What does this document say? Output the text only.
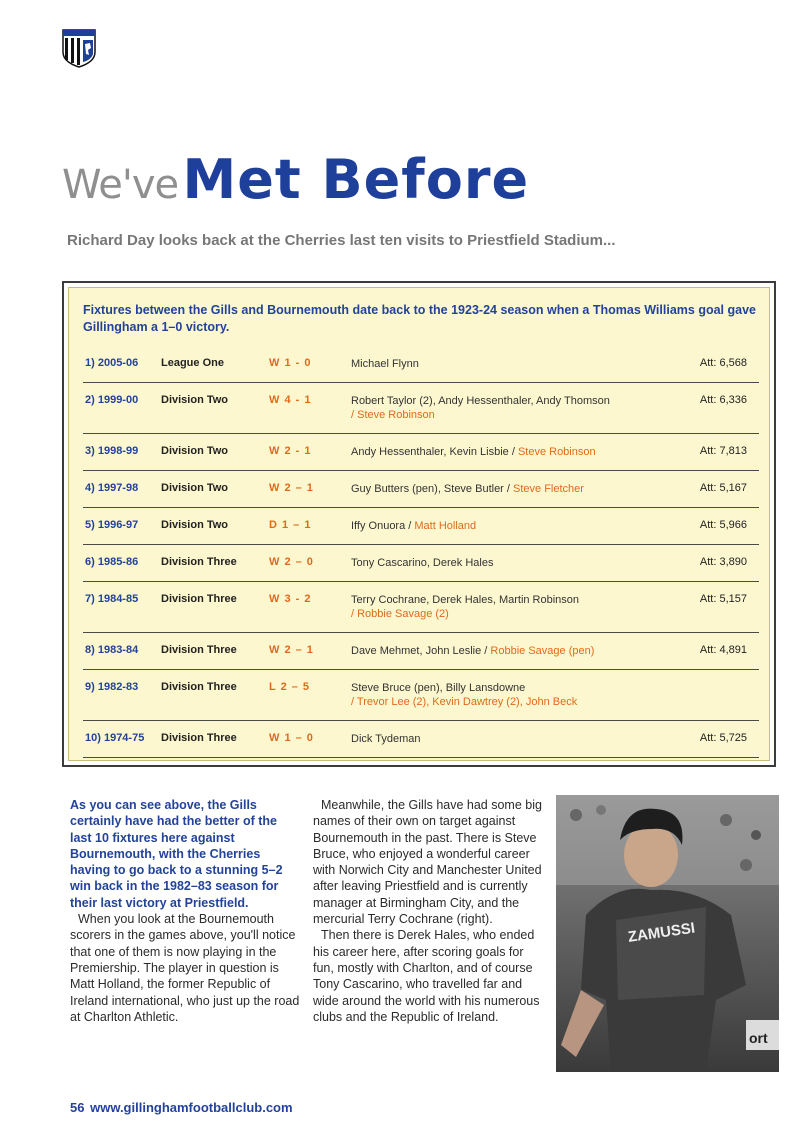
We've Met Before
Richard Day looks back at the Cherries last ten visits to Priestfield Stadium...
Fixtures between the Gills and Bournemouth date back to the 1923-24 season when a Thomas Williams goal gave Gillingham a 1–0 victory.
1) 2005-06 League One	W 1 - 0	Michael Flynn	Att: 6,568
2) 1999-00 Division Two	W 4 - 1	Robert Taylor (2), Andy Hessenthaler, Andy Thomson
/ Steve Robinson
Att: 6,336
3) 1998-99 Division Two	W 2 - 1	Andy Hessenthaler, Kevin Lisbie / Steve Robinson	Att: 7,813
4) 1997-98 Division Two	W 2 – 1	Guy Butters (pen), Steve Butler / Steve Fletcher	Att: 5,167
5) 1996-97 Division Two	D 1 – 1	Iffy Onuora / Matt Holland	Att: 5,966
6) 1985-86 Division Three	W 2 – 0	Tony Cascarino, Derek Hales	Att: 3,890
7) 1984-85 Division Three	W 3 - 2	Terry Cochrane, Derek Hales, Martin Robinson
/ Robbie Savage (2)
Att: 5,157
8) 1983-84 Division Three	W 2 – 1	Dave Mehmet, John Leslie / Robbie Savage (pen)	Att: 4,891
9) 1982-83 Division Three	L 2 – 5	Steve Bruce (pen), Billy Lansdowne
/ Trevor Lee (2), Kevin Dawtrey (2), John Beck
10) 1974-75 Division Three	W 1 – 0	Dick Tydeman	Att: 5,725

As you can see above, the Gills certainly have had the better of the last 10 fixtures here against Bournemouth, with the Cherries having to go back to a stunning 5–2 win back in the 1982–83 season for their last victory at Priestfield.

When you look at the Bournemouth scorers in the games above, you'll notice that one of them is now playing in the Premiership. The player in question is Matt Holland, the former Republic of Ireland international, who just up the road at Charlton Athletic.

Meanwhile, the Gills have had some big names of their own on target against Bournemouth in the past. There is Steve Bruce, who enjoyed a wonderful career with Norwich City and Manchester United after leaving Priestfield and is currently manager at Birmingham City, and the mercurial Terry Cochrane (right).

Then there is Derek Hales, who ended his career here, after scoring goals for fun, mostly with Charlton, and of course Tony Cascarino, who travelled far and wide around the world with his numerous clubs and the Republic of Ireland.

ort
ZAMUSSI
56 www.gillinghamfootballclub.com
